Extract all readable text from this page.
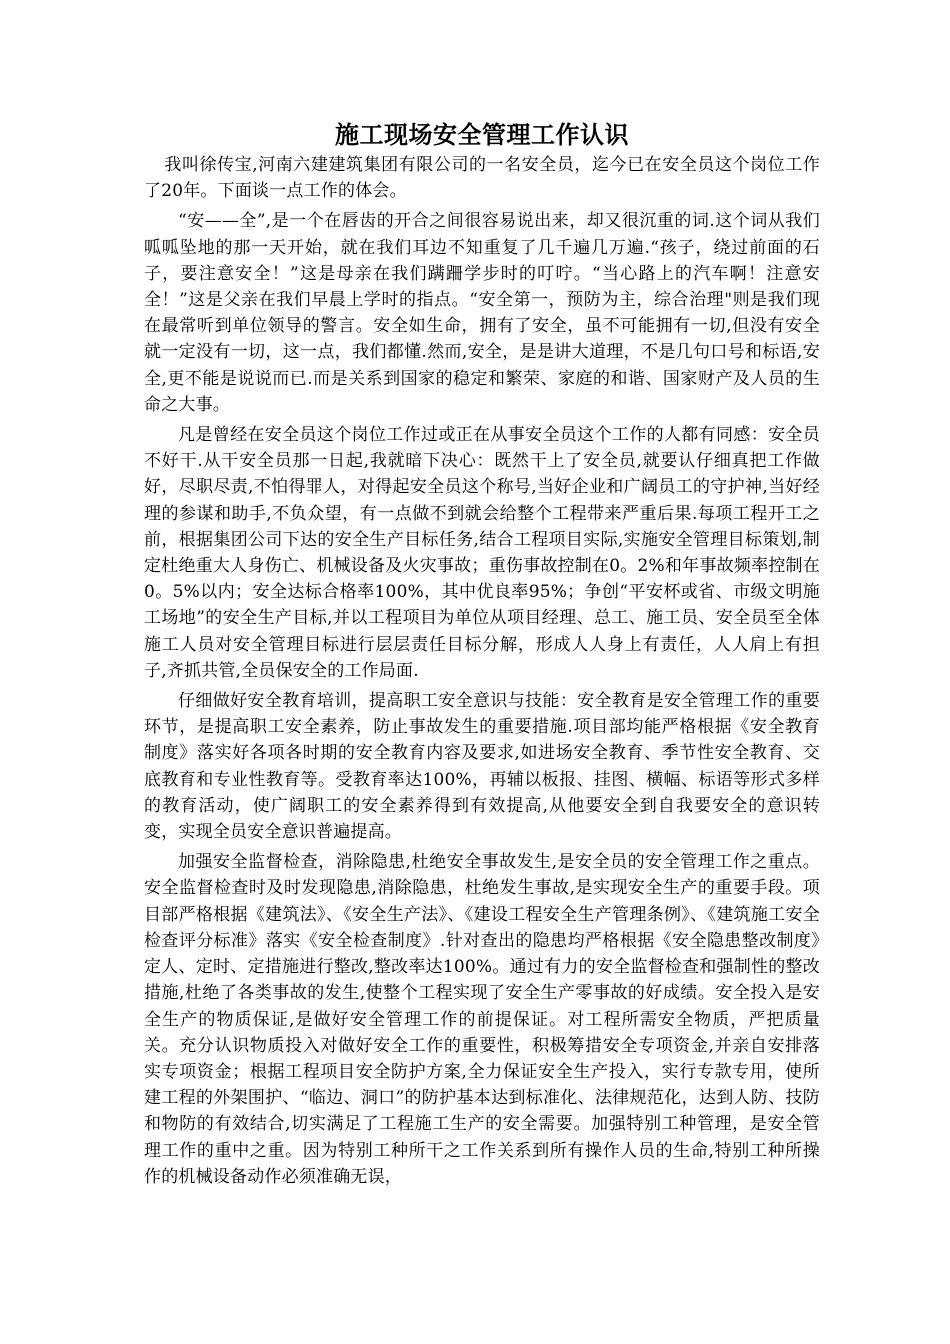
施工现场安全管理工作认识

我叫徐传宝,河南六建建筑集团有限公司的一名安全员，迄今已在安全员这个岗位工作了20年。下面谈一点工作的体会。

“安——全”,是一个在唇齿的开合之间很容易说出来，却又很沉重的词.这个词从我们呱呱坠地的那一天开始，就在我们耳边不知重复了几千遍几万遍.“孩子，绕过前面的石子，要注意安全！”这是母亲在我们蹒跚学步时的叮咛。“当心路上的汽车啊！注意安全！”这是父亲在我们早晨上学时的指点。“安全第一，预防为主，综合治理"则是我们现在最常听到单位领导的警言。安全如生命，拥有了安全，虽不可能拥有一切,但没有安全就一定没有一切，这一点，我们都懂.然而,安全，是是讲大道理，不是几句口号和标语,安全,更不能是说说而已.而是关系到国家的稳定和繁荣、家庭的和谐、国家财产及人员的生命之大事。

凡是曾经在安全员这个岗位工作过或正在从事安全员这个工作的人都有同感：安全员不好干.从干安全员那一日起,我就暗下决心：既然干上了安全员,就要认仔细真把工作做好，尽职尽责,不怕得罪人，对得起安全员这个称号,当好企业和广阔员工的守护神,当好经理的参谋和助手,不负众望，有一点做不到就会给整个工程带来严重后果.每项工程开工之前，根据集团公司下达的安全生产目标任务,结合工程项目实际,实施安全管理目标策划,制定杜绝重大人身伤亡、机械设备及火灾事故；重伤事故控制在0。2%和年事故频率控制在0。5%以内；安全达标合格率100%，其中优良率95%；争创“平安杯或省、市级文明施工场地”的安全生产目标,并以工程项目为单位从项目经理、总工、施工员、安全员至全体施工人员对安全管理目标进行层层责任目标分解，形成人人身上有责任，人人肩上有担子,齐抓共管,全员保安全的工作局面.

仔细做好安全教育培训，提高职工安全意识与技能：安全教育是安全管理工作的重要环节，是提高职工安全素养，防止事故发生的重要措施.项目部均能严格根据《安全教育制度》落实好各项各时期的安全教育内容及要求,如进场安全教育、季节性安全教育、交底教育和专业性教育等。受教育率达100%，再辅以板报、挂图、横幅、标语等形式多样的教育活动，使广阔职工的安全素养得到有效提高,从他要安全到自我要安全的意识转变，实现全员安全意识普遍提高。

加强安全监督检查，消除隐患,杜绝安全事故发生,是安全员的安全管理工作之重点。安全监督检查时及时发现隐患,消除隐患，杜绝发生事故,是实现安全生产的重要手段。项目部严格根据《建筑法》、《安全生产法》、《建设工程安全生产管理条例》、《建筑施工安全检查评分标准》落实《安全检查制度》.针对查出的隐患均严格根据《安全隐患整改制度》定人、定时、定措施进行整改,整改率达100%。通过有力的安全监督检查和强制性的整改措施,杜绝了各类事故的发生,使整个工程实现了安全生产零事故的好成绩。安全投入是安全生产的物质保证,是做好安全管理工作的前提保证。对工程所需安全物质，严把质量关。充分认识物质投入对做好安全工作的重要性，积极筹措安全专项资金,并亲自安排落实专项资金；根据工程项目安全防护方案,全力保证安全生产投入，实行专款专用，使所建工程的外架围护、“临边、洞口”的防护基本达到标准化、法律规范化，达到人防、技防和物防的有效结合,切实满足了工程施工生产的安全需要。加强特别工种管理，是安全管理工作的重中之重。因为特别工种所干之工作关系到所有操作人员的生命,特别工种所操作的机械设备动作必须准确无误，
